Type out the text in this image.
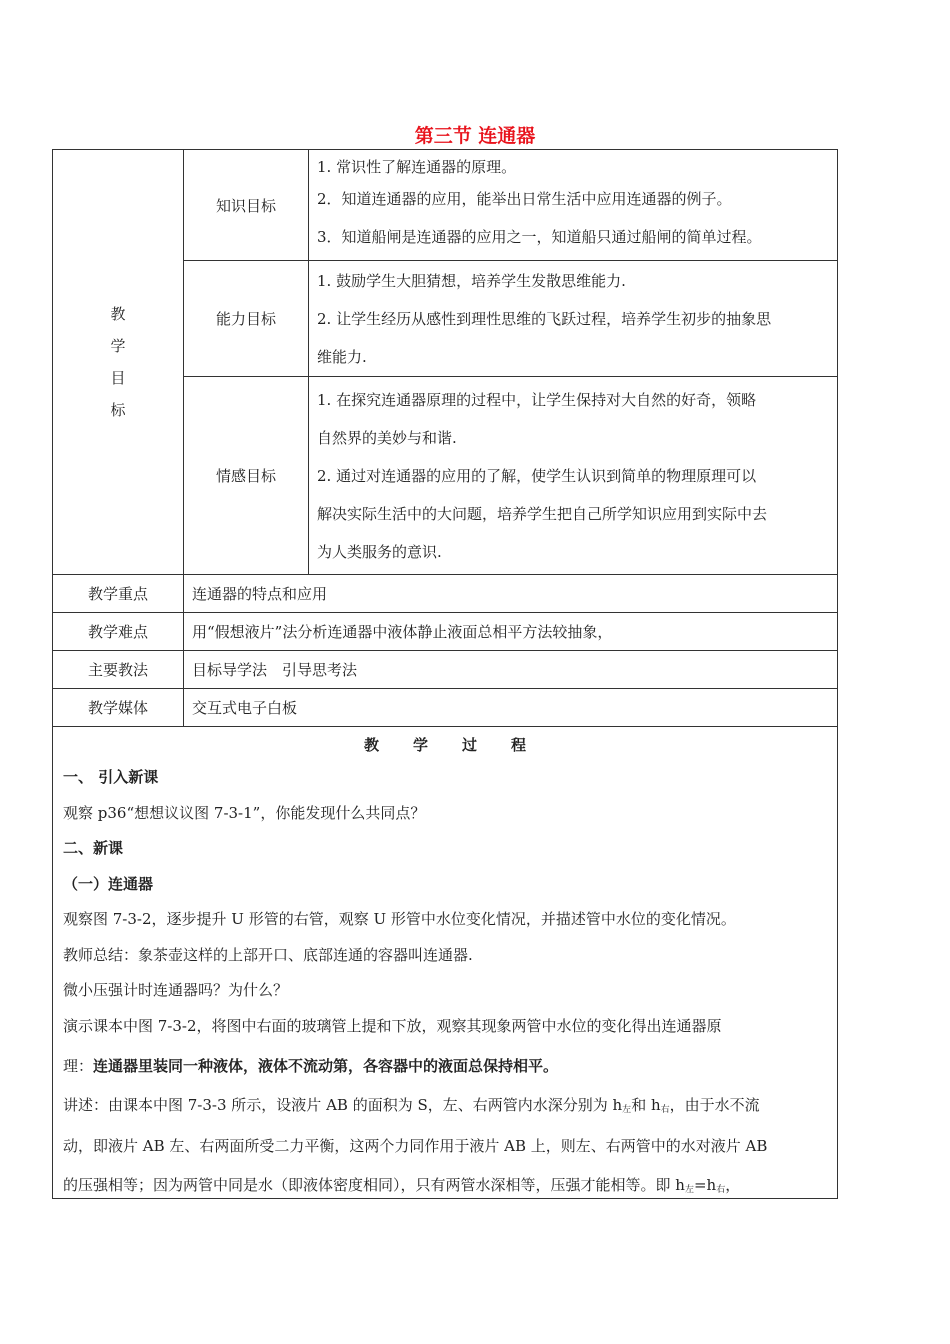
第三节 连通器
教
学
目
标	知识目标	1. 常识性了解连通器的原理。
2．知道连通器的应用，能举出日常生活中应用连通器的例子。
3．知道船闸是连通器的应用之一，知道船只通过船闸的简单过程。

	能力目标	1. 鼓励学生大胆猜想，培养学生发散思维能力.
2. 让学生经历从感性到理性思维的飞跃过程，培养学生初步的抽象思
维能力.

	情感目标	1. 在探究连通器原理的过程中，让学生保持对大自然的好奇，领略
自然界的美妙与和谐.
2. 通过对连通器的应用的了解，使学生认识到简单的物理原理可以
解决实际生活中的大问题，培养学生把自己所学知识应用到实际中去
为人类服务的意识.

教学重点	连通器的特点和应用	
教学难点	用“假想液片”法分析连通器中液体静止液面总相平方法较抽象，	
主要教法	目标导学法　引导思考法	
教学媒体	交互式电子白板	
教学过程
一、 引入新课
观察 p36“想想议议图 7-3-1”，你能发现什么共同点？
二、新课
（一）连通器
观察图 7-3-2，逐步提升 U 形管的右管，观察 U 形管中水位变化情况，并描述管中水位的变化情况。
教师总结：象茶壶这样的上部开口、底部连通的容器叫连通器.
微小压强计时连通器吗？为什么？
演示课本中图 7-3-2，将图中右面的玻璃管上提和下放，观察其现象两管中水位的变化得出连通器原
理：连通器里装同一种液体，液体不流动第，各容器中的液面总保持相平。
讲述：由课本中图 7-3-3 所示，设液片 AB 的面积为 S，左、右两管内水深分别为 $h_左$和 $h_右$，由于水不流
动，即液片 AB 左、右两面所受二力平衡，这两个力同作用于液片 AB 上，则左、右两管中的水对液片 AB
的压强相等；因为两管中同是水（即液体密度相同），只有两管水深相等，压强才能相等。即 $h_左=h_右$，
